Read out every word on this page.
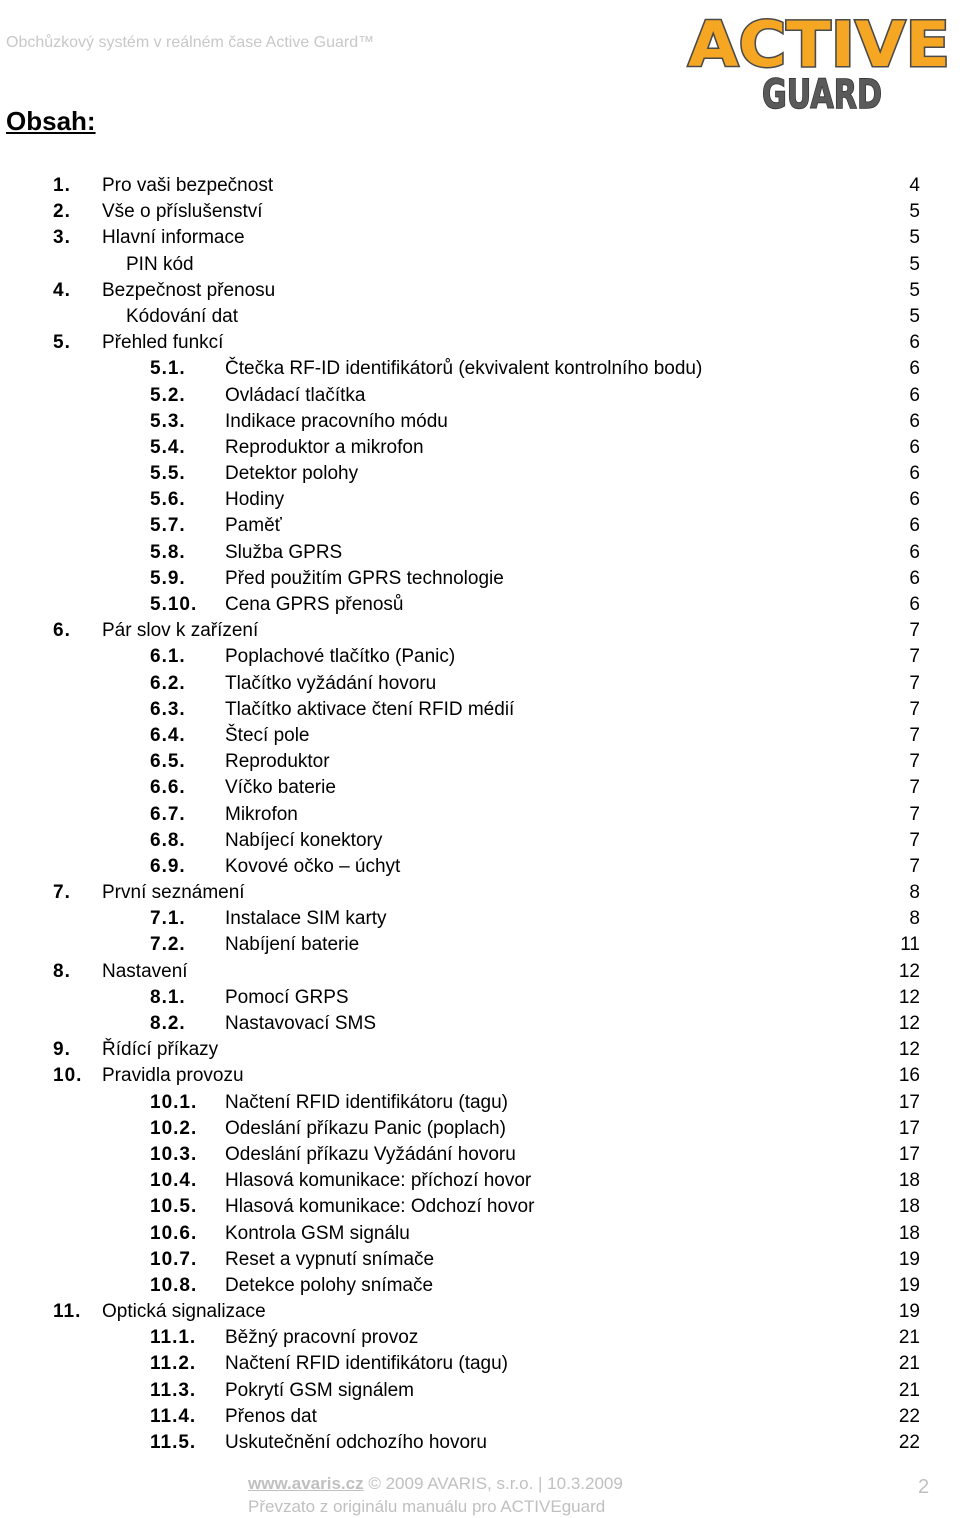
Obchůzkový systém v reálném čase Active Guard™	ACTIVE
GUARD
Obsah:
1. Pro vaši bezpečnost	4
2. Vše o příslušenství	5
3. Hlavní informace	5
PIN kód	5
4. Bezpečnost přenosu	5
Kódování dat	5
5. Přehled funkcí	6
5.1. Čtečka RF-ID identifikátorů (ekvivalent kontrolního bodu)	6
5.2. Ovládací tlačítka	6
5.3. Indikace pracovního módu	6
5.4. Reproduktor a mikrofon	6
5.5. Detektor polohy	6
5.6. Hodiny	6
5.7. Paměť	6
5.8. Služba GPRS	6
5.9. Před použitím GPRS technologie	6
5.10. Cena GPRS přenosů	6
6. Pár slov k zařízení	7
6.1. Poplachové tlačítko (Panic)	7
6.2. Tlačítko vyžádání hovoru	7
6.3. Tlačítko aktivace čtení RFID médií	7
6.4. Štecí pole	7
6.5. Reproduktor	7
6.6. Víčko baterie	7
6.7. Mikrofon	7
6.8. Nabíjecí konektory	7
6.9. Kovové očko – úchyt	7
7. První seznámení	8
7.1. Instalace SIM karty	8
7.2. Nabíjení baterie	11
8. Nastavení	12
8.1. Pomocí GRPS	12
8.2. Nastavovací SMS	12
9. Řídící příkazy	12
10. Pravidla provozu	16
10.1. Načtení RFID identifikátoru (tagu)	17
10.2. Odeslání příkazu Panic (poplach)	17
10.3. Odeslání příkazu Vyžádání hovoru	17
10.4. Hlasová komunikace: příchozí hovor	18
10.5. Hlasová komunikace: Odchozí hovor	18
10.6. Kontrola GSM signálu	18
10.7. Reset a vypnutí snímače	19
10.8. Detekce polohy snímače	19
11. Optická signalizace	19
11.1. Běžný pracovní provoz	21
11.2. Načtení RFID identifikátoru (tagu)	21
11.3. Pokrytí GSM signálem	21
11.4. Přenos dat	22
11.5. Uskutečnění odchozího hovoru	22
www.avaris.cz © 2009 AVARIS, s.r.o. | 10.3.2009
Převzato z originálu manuálu pro ACTIVEguard
2
